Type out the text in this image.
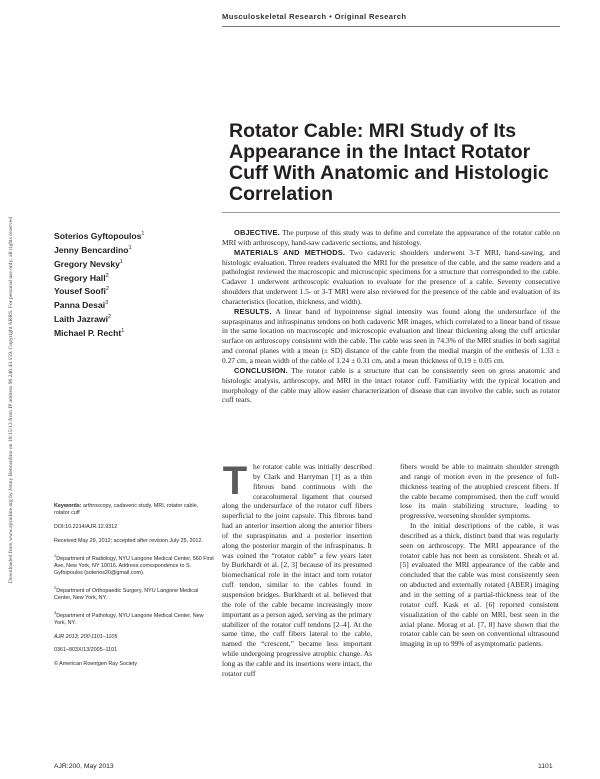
Downloaded from www.ajronline.org by Jenny Bencardino on 10/15/13 from IP address 96.246.43.159. Copyright ARRS. For personal use only; all rights reserved
Musculoskeletal Research • Original Research
Rotator Cable: MRI Study of Its Appearance in the Intact Rotator Cuff With Anatomic and Histologic Correlation
Soterios Gyftopoulos$^1$
Jenny Bencardino$^1$
Gregory Nevsky$^1$
Gregory Hall$^2$
Yousef Soofi$^2$
Panna Desai$^3$
Laith Jazrawi$^2$
Michael P. Recht$^1$

OBJECTIVE. The purpose of this study was to define and correlate the appearance of the rotator cable on MRI with arthroscopy, hand-saw cadaveric sections, and histology.

MATERIALS AND METHODS. Two cadaveric shoulders underwent 3-T MRI, hand-sawing, and histologic evaluation. Three readers evaluated the MRI for the presence of the cable, and the same readers and a pathologist reviewed the macroscopic and microscopic specimens for a structure that corresponded to the cable. Cadaver 1 underwent arthroscopic evaluation to evaluate for the presence of a cable. Seventy consecutive shoulders that underwent 1.5- or 3-T MRI were also reviewed for the presence of the cable and evaluation of its characteristics (location, thickness, and width).

RESULTS. A linear band of hypointense signal intensity was found along the undersurface of the supraspinatus and infraspinatus tendons on both cadaveric MR images, which correlated to a linear band of tissue in the same location on macroscopic and microscopic evaluation and linear thickening along the cuff articular surface on arthroscopy consistent with the cable. The cable was seen in 74.3% of the MRI studies in both sagittal and coronal planes with a mean (± SD) distance of the cable from the medial margin of the enthesis of 1.33 ± 0.27 cm, a mean width of the cable of 1.24 ± 0.31 cm, and a mean thickness of 0.19 ± 0.05 cm.

CONCLUSION. The rotator cable is a structure that can be consistently seen on gross anatomic and histologic analysis, arthroscopy, and MRI in the intact rotator cuff. Familiarity with the typical location and morphology of the cable may allow easier characterization of disease that can involve the cable, such as rotator cuff tears.

Keywords: arthroscopy, cadaveric study, MRI, rotator cable, rotator cuff

DOI:10.2214/AJR.12.9312

Received May 29, 2012; accepted after revision July 25, 2012.

$^1$Department of Radiology, NYU Langone Medical Center, 560 First Ave, New York, NY 10016. Address correspondence to S. Gyftopoulos (soterios20@gmail.com).

$^2$Department of Orthopaedic Surgery, NYU Langone Medical Center, New York, NY.

$^3$Department of Pathology, NYU Langone Medical Center, New York, NY.

AJR 2013; 200:1101–1105

0361–803X/13/2005–1101

© American Roentgen Ray Society

The rotator cable was initially described by Clark and Harryman [1] as a thin fibrous band continuous with the coracohumeral ligament that coursed along the undersurface of the rotator cuff fibers superficial to the joint capsule. This fibrous band had an anterior insertion along the anterior fibers of the supraspinatus and a posterior insertion along the posterior margin of the infraspinatus. It was coined the “rotator cable” a few years later by Burkhardt et al. [2, 3] because of its presumed biomechanical role in the intact and torn rotator cuff tendon, similar to the cables found in suspension bridges. Burkhardt et al. believed that the role of the cable became increasingly more important as a person aged, serving as the primary stabilizer of the rotator cuff tendons [2–4]. At the same time, the cuff fibers lateral to the cable, named the “crescent,” became less important while undergoing progressive atrophic change. As long as the cable and its insertions were intact, the rotator cuff

fibers would be able to maintain shoulder strength and range of motion even in the presence of full-thickness tearing of the atrophied crescent fibers. If the cable became compromised, then the cuff would lose its main stabilizing structure, leading to progressive, worsening shoulder symptoms.

In the initial descriptions of the cable, it was described as a thick, distinct band that was regularly seen on arthroscopy. The MRI appearance of the rotator cable has not been as consistent. Sheah et al. [5] evaluated the MRI appearance of the cable and concluded that the cable was most consistently seen on abducted and externally rotated (ABER) imaging and in the setting of a partial-thickness tear of the rotator cuff. Kask et al. [6] reported consistent visualization of the cable on MRI, best seen in the axial plane. Morag et al. [7, 8] have shown that the rotator cable can be seen on conventional ultrasound imaging in up to 99% of asymptomatic patients.

AJR:200, May 2013	1101
